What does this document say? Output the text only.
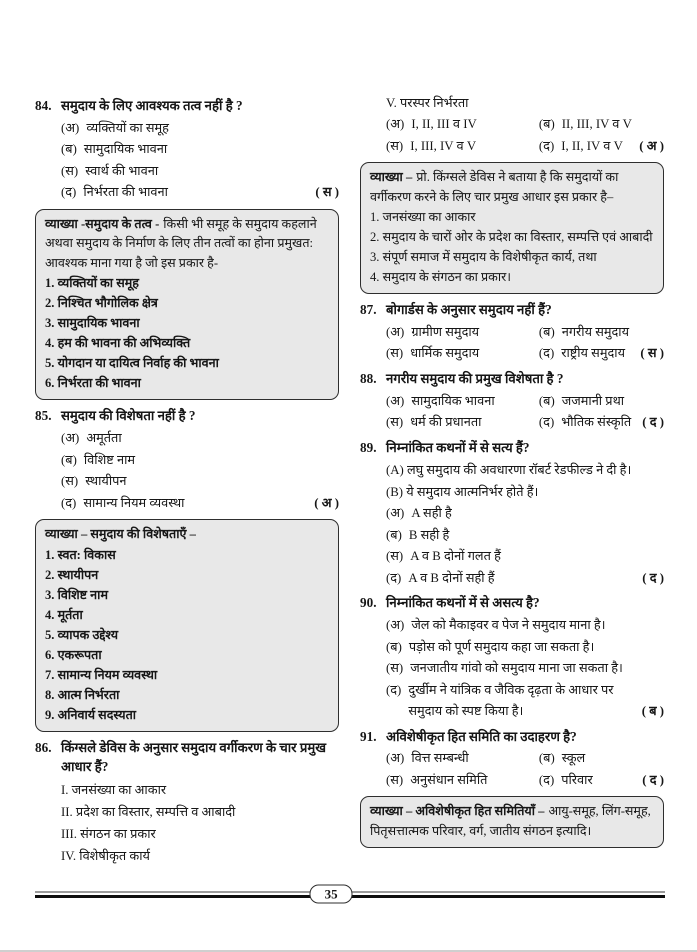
84. समुदाय के लिए आवश्यक तत्व नहीं है ?
(अ) व्यक्तियों का समूह
(ब) सामुदायिक भावना
(स) स्वार्थ की भावना
(द) निर्भरता की भावना	( स )
व्याख्या -समुदाय के तत्व - किसी भी समूह के समुदाय कहलाने अथवा समुदाय के निर्माण के लिए तीन तत्वों का होना प्रमुखत: आवश्यक माना गया है जो इस प्रकार है-
1. व्यक्तियों का समूह
2. निश्चित भौगोलिक क्षेत्र
3. सामुदायिक भावना
4. हम की भावना की अभिव्यक्ति
5. योगदान या दायित्व निर्वाह की भावना
6. निर्भरता की भावना
85. समुदाय की विशेषता नहीं है ?
(अ) अमूर्तता
(ब) विशिष्ट नाम
(स) स्थायीपन
(द) सामान्य नियम व्यवस्था	( अ )
व्याख्या – समुदाय की विशेषताएँ –
1. स्वत: विकास
2. स्थायीपन
3. विशिष्ट नाम
4. मूर्तता
5. व्यापक उद्देश्य
6. एकरूपता
7. सामान्य नियम व्यवस्था
8. आत्म निर्भरता
9. अनिवार्य सदस्यता
86. किंग्सले डेविस के अनुसार समुदाय वर्गीकरण के चार प्रमुख आधार हैं?
I. जनसंख्या का आकार
II. प्रदेश का विस्तार, सम्पत्ति व आबादी
III. संगठन का प्रकार
IV. विशेषीकृत कार्य
V. परस्पर निर्भरता
(अ) I, II, III व IV	(ब) II, III, IV व V
(स) I, III, IV व V	(द) I, II, IV व V	( अ )
व्याख्या – प्रो. किंग्सले डेविस ने बताया है कि समुदायों का वर्गीकरण करने के लिए चार प्रमुख आधार इस प्रकार है–
1. जनसंख्या का आकार
2. समुदाय के चारों ओर के प्रदेश का विस्तार, सम्पत्ति एवं आबादी
3. संपूर्ण समाज में समुदाय के विशेषीकृत कार्य, तथा
4. समुदाय के संगठन का प्रकार।
87. बोगार्डस के अनुसार समुदाय नहीं हैं?
(अ) ग्रामीण समुदाय	(ब) नगरीय समुदाय
(स) धार्मिक समुदाय	(द) राष्ट्रीय समुदाय	( स )
88. नगरीय समुदाय की प्रमुख विशेषता है ?
(अ) सामुदायिक भावना	(ब) जजमानी प्रथा
(स) धर्म की प्रधानता	(द) भौतिक संस्कृति ( द )
89. निम्नांकित कथनों में से सत्य हैं?
(A) लघु समुदाय की अवधारणा रॉबर्ट रेडफील्ड ने दी है।
(B) ये समुदाय आत्मनिर्भर होते हैं।
(अ) A सही है
(ब) B सही है
(स) A व B दोनों गलत हैं
(द) A व B दोनों सही हैं	( द )
90. निम्नांकित कथनों में से असत्य है?
(अ) जेल को मैकाइवर व पेज ने समुदाय माना है।
(ब) पड़ोस को पूर्ण समुदाय कहा जा सकता है।
(स) जनजातीय गांवो को समुदाय माना जा सकता है।
(द) दुर्खीम ने यांत्रिक व जैविक दृढ़ता के आधार पर समुदाय को स्पष्ट किया है।	( ब )
91. अविशेषीकृत हित समिति का उदाहरण है?
(अ) वित्त सम्बन्धी	(ब) स्कूल
(स) अनुसंधान समिति	(द) परिवार	( द )
व्याख्या – अविशेषीकृत हित समितियाँ – आयु-समूह, लिंग-समूह, पितृसत्तात्मक परिवार, वर्ग, जातीय संगठन इत्यादि।
35
